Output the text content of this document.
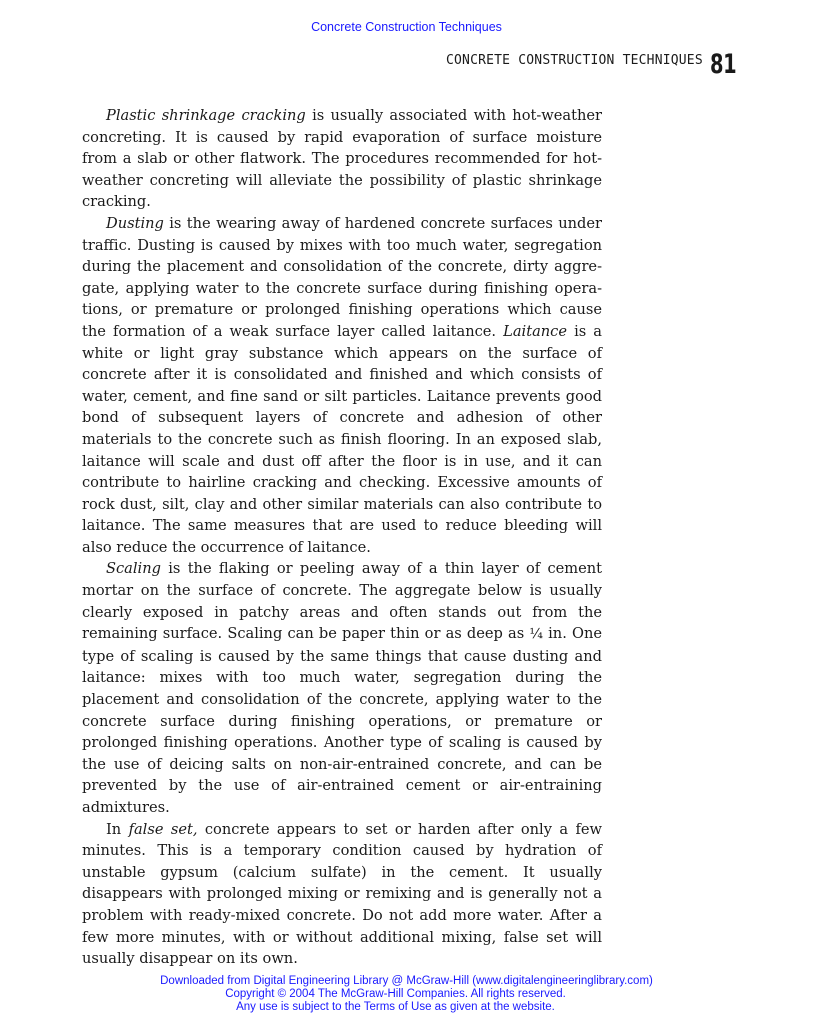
Concrete Construction Techniques
CONCRETE CONSTRUCTION TECHNIQUES 81

Plastic shrinkage cracking is usually associated with hot-weather concreting. It is caused by rapid evaporation of surface moisture from a slab or other flatwork. The procedures recommended for hot-weather concreting will alleviate the possibility of plastic shrinkage cracking.

Dusting is the wearing away of hardened concrete surfaces under traffic. Dusting is caused by mixes with too much water, segregation during the placement and consolidation of the concrete, dirty aggregate, applying water to the concrete surface during finishing operations, or premature or prolonged finishing operations which cause the formation of a weak surface layer called laitance. Laitance is a white or light gray substance which appears on the surface of concrete after it is consolidated and finished and which consists of water, cement, and fine sand or silt particles. Laitance prevents good bond of subsequent layers of concrete and adhesion of other materials to the concrete such as finish flooring. In an exposed slab, laitance will scale and dust off after the floor is in use, and it can contribute to hairline cracking and checking. Excessive amounts of rock dust, silt, clay and other similar materials can also contribute to laitance. The same measures that are used to reduce bleeding will also reduce the occurrence of laitance.

Scaling is the flaking or peeling away of a thin layer of cement mortar on the surface of concrete. The aggregate below is usually clearly exposed in patchy areas and often stands out from the remaining surface. Scaling can be paper thin or as deep as ¼ in. One type of scaling is caused by the same things that cause dusting and laitance: mixes with too much water, segregation during the placement and consolidation of the concrete, applying water to the concrete surface during finishing operations, or premature or prolonged finishing operations. Another type of scaling is caused by the use of deicing salts on non-air-entrained concrete, and can be prevented by the use of air-entrained cement or air-entraining admixtures.

In false set, concrete appears to set or harden after only a few minutes. This is a temporary condition caused by hydration of unstable gypsum (calcium sulfate) in the cement. It usually disappears with prolonged mixing or remixing and is generally not a problem with ready-mixed concrete. Do not add more water. After a few more minutes, with or without additional mixing, false set will usually disappear on its own.

Downloaded from Digital Engineering Library @ McGraw-Hill (www.digitalengineeringlibrary.com)
Copyright © 2004 The McGraw-Hill Companies. All rights reserved.
Any use is subject to the Terms of Use as given at the website.
